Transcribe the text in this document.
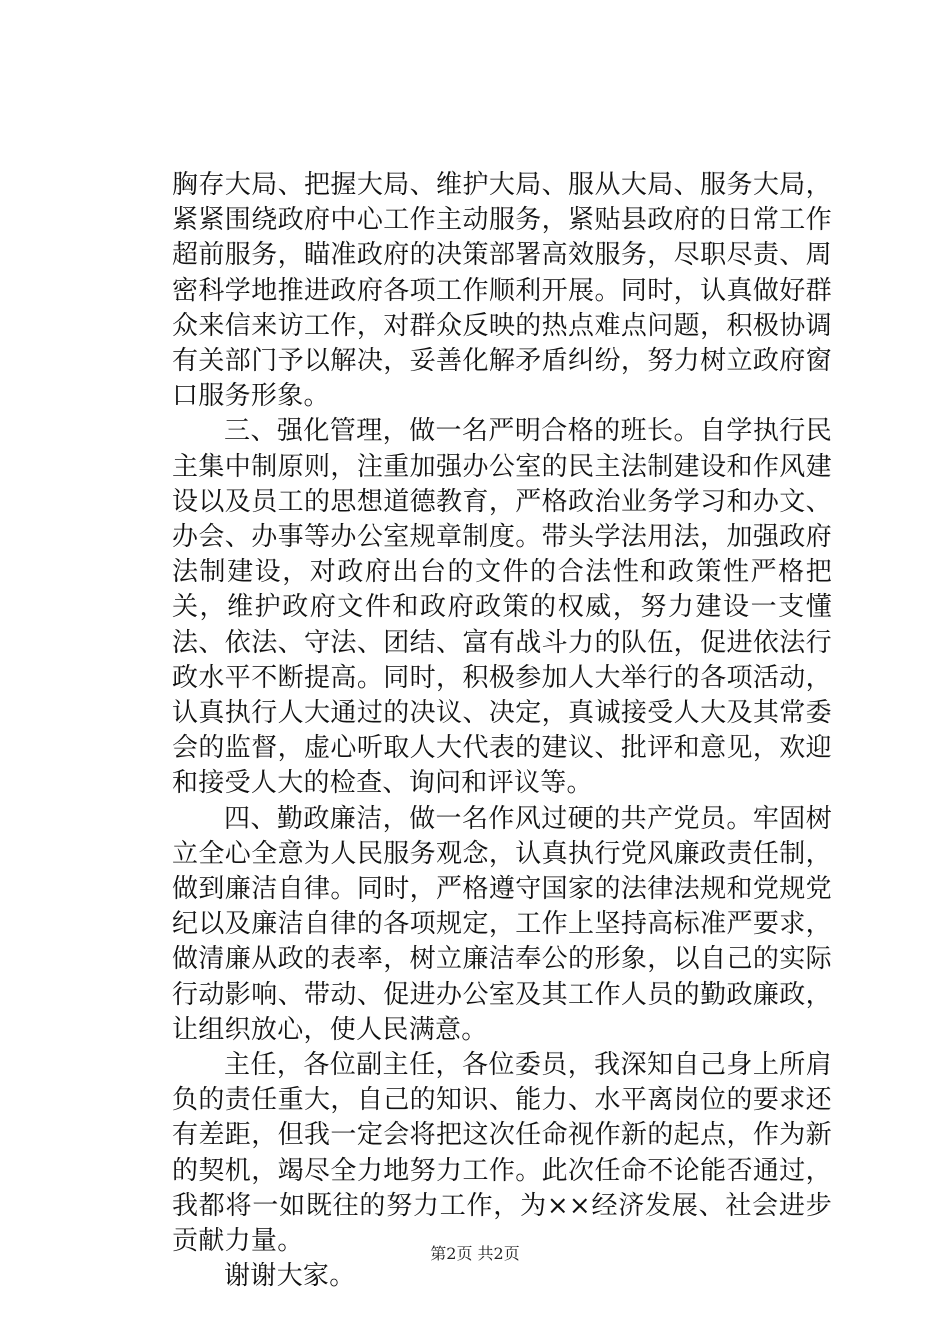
胸存大局、把握大局、维护大局、服从大局、服务大局，紧紧围绕政府中心工作主动服务，紧贴县政府的日常工作超前服务，瞄准政府的决策部署高效服务，尽职尽责、周密科学地推进政府各项工作顺利开展。同时，认真做好群众来信来访工作，对群众反映的热点难点问题，积极协调有关部门予以解决，妥善化解矛盾纠纷，努力树立政府窗口服务形象。

三、强化管理，做一名严明合格的班长。自学执行民主集中制原则，注重加强办公室的民主法制建设和作风建设以及员工的思想道德教育，严格政治业务学习和办文、办会、办事等办公室规章制度。带头学法用法，加强政府法制建设，对政府出台的文件的合法性和政策性严格把关，维护政府文件和政府政策的权威，努力建设一支懂法、依法、守法、团结、富有战斗力的队伍，促进依法行政水平不断提高。同时，积极参加人大举行的各项活动，认真执行人大通过的决议、决定，真诚接受人大及其常委会的监督，虚心听取人大代表的建议、批评和意见，欢迎和接受人大的检查、询问和评议等。

四、勤政廉洁，做一名作风过硬的共产党员。牢固树立全心全意为人民服务观念，认真执行党风廉政责任制，做到廉洁自律。同时，严格遵守国家的法律法规和党规党纪以及廉洁自律的各项规定，工作上坚持高标准严要求，做清廉从政的表率，树立廉洁奉公的形象，以自己的实际行动影响、带动、促进办公室及其工作人员的勤政廉政，让组织放心，使人民满意。

主任，各位副主任，各位委员，我深知自己身上所肩负的责任重大，自己的知识、能力、水平离岗位的要求还有差距，但我一定会将把这次任命视作新的起点，作为新的契机，竭尽全力地努力工作。此次任命不论能否通过，我都将一如既往的努力工作，为××经济发展、社会进步贡献力量。

谢谢大家。

第2页 共2页
